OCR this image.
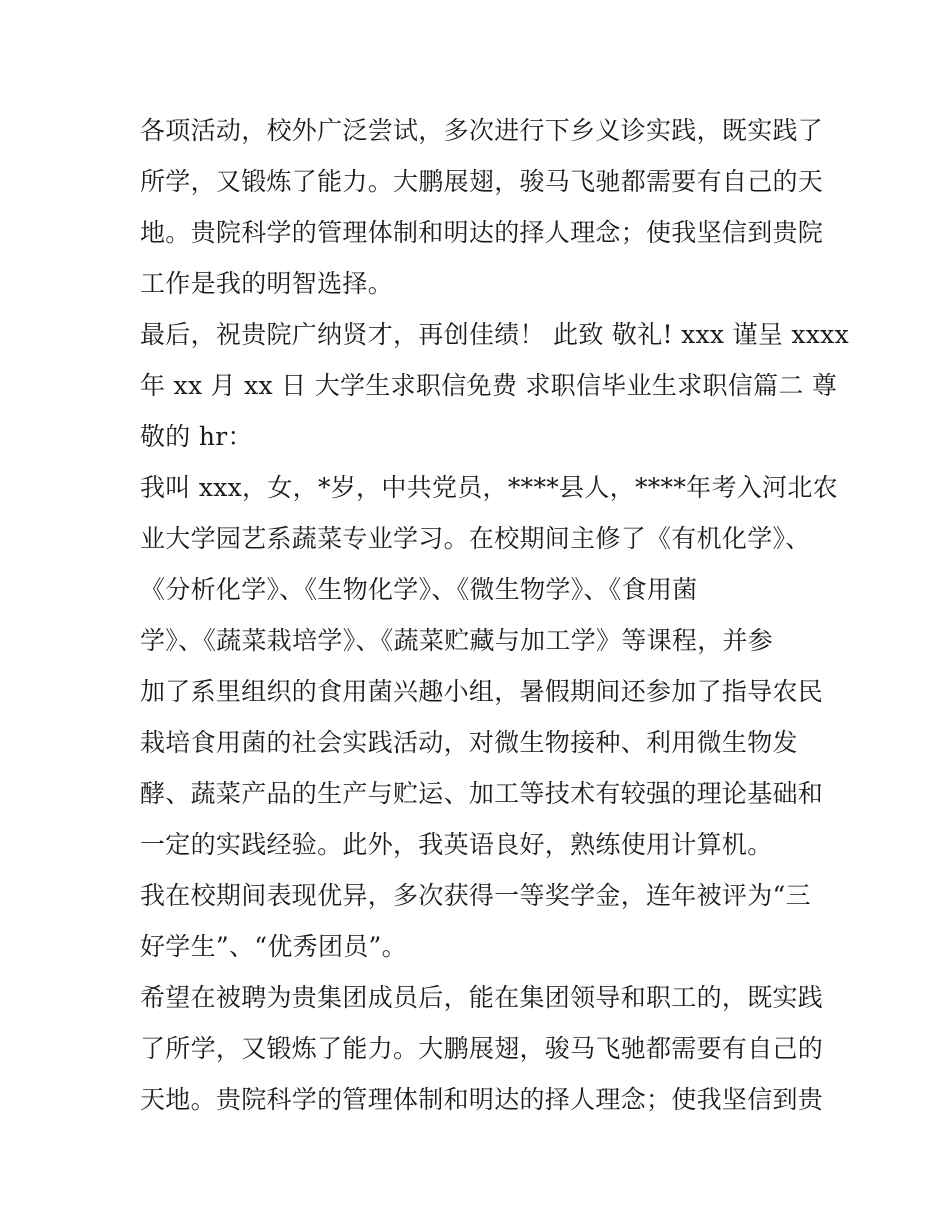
各项活动，校外广泛尝试，多次进行下乡义诊实践，既实践了
所学，又锻炼了能力。大鹏展翅，骏马飞驰都需要有自己的天
地。贵院科学的管理体制和明达的择人理念；使我坚信到贵院
工作是我的明智选择。
最后，祝贵院广纳贤才，再创佳绩！ 此致 敬礼! xxx 谨呈 xxxx
年 xx 月 xx 日 大学生求职信免费 求职信毕业生求职信篇二 尊
敬的 hr：
我叫 xxx，女，*岁，中共党员，****县人，****年考入河北农
业大学园艺系蔬菜专业学习。在校期间主修了《有机化学》、
《分析化学》、《生物化学》、《微生物学》、《食用菌
学》、《蔬菜栽培学》、《蔬菜贮藏与加工学》等课程，并参
加了系里组织的食用菌兴趣小组，暑假期间还参加了指导农民
栽培食用菌的社会实践活动，对微生物接种、利用微生物发
酵、蔬菜产品的生产与贮运、加工等技术有较强的理论基础和
一定的实践经验。此外，我英语良好，熟练使用计算机。
我在校期间表现优异，多次获得一等奖学金，连年被评为“三
好学生”、“优秀团员”。
希望在被聘为贵集团成员后，能在集团领导和职工的，既实践
了所学，又锻炼了能力。大鹏展翅，骏马飞驰都需要有自己的
天地。贵院科学的管理体制和明达的择人理念；使我坚信到贵
